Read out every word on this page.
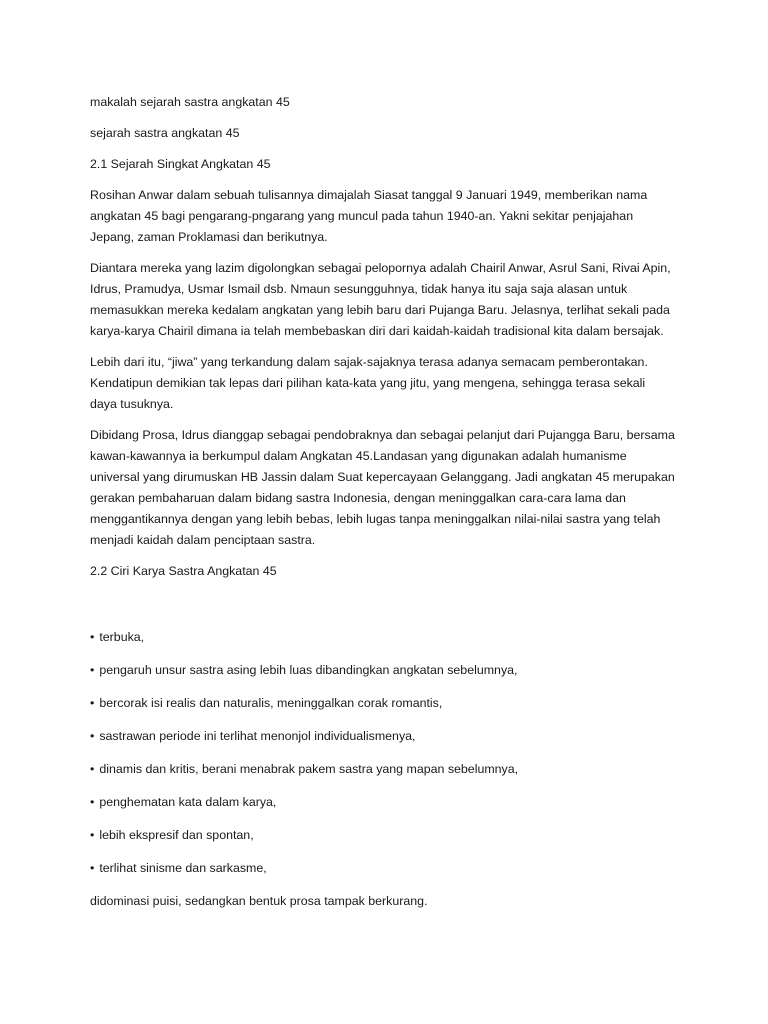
makalah sejarah sastra angkatan 45

sejarah sastra angkatan 45

2.1 Sejarah Singkat Angkatan 45

Rosihan Anwar dalam sebuah tulisannya dimajalah Siasat tanggal 9 Januari 1949, memberikan nama

angkatan 45 bagi pengarang-pngarang yang muncul pada tahun 1940-an. Yakni sekitar penjajahan

Jepang, zaman Proklamasi dan berikutnya.

Diantara mereka yang lazim digolongkan sebagai pelopornya adalah Chairil Anwar, Asrul Sani, Rivai Apin,

Idrus, Pramudya, Usmar Ismail dsb. Nmaun sesungguhnya, tidak hanya itu saja saja alasan untuk

memasukkan mereka kedalam angkatan yang lebih baru dari Pujanga Baru. Jelasnya, terlihat sekali pada

karya-karya Chairil dimana ia telah membebaskan diri dari kaidah-kaidah tradisional kita dalam bersajak.

Lebih dari itu, “jiwa” yang terkandung dalam sajak-sajaknya terasa adanya semacam pemberontakan.

Kendatipun demikian tak lepas dari pilihan kata-kata yang jitu, yang mengena, sehingga terasa sekali

daya tusuknya.

Dibidang Prosa, Idrus dianggap sebagai pendobraknya dan sebagai pelanjut dari Pujangga Baru, bersama

kawan-kawannya ia berkumpul dalam Angkatan 45.Landasan yang digunakan adalah humanisme

universal yang dirumuskan HB Jassin dalam Suat kepercayaan Gelanggang. Jadi angkatan 45 merupakan

gerakan pembaharuan dalam bidang sastra Indonesia, dengan meninggalkan cara-cara lama dan

menggantikannya dengan yang lebih bebas, lebih lugas tanpa meninggalkan nilai-nilai sastra yang telah

menjadi kaidah dalam penciptaan sastra.

2.2 Ciri Karya Sastra Angkatan 45

• terbuka,
• pengaruh unsur sastra asing lebih luas dibandingkan angkatan sebelumnya,
• bercorak isi realis dan naturalis, meninggalkan corak romantis,
• sastrawan periode ini terlihat menonjol individualismenya,
• dinamis dan kritis, berani menabrak pakem sastra yang mapan sebelumnya,
• penghematan kata dalam karya,
• lebih ekspresif dan spontan,
• terlihat sinisme dan sarkasme,

didominasi puisi, sedangkan bentuk prosa tampak berkurang.
